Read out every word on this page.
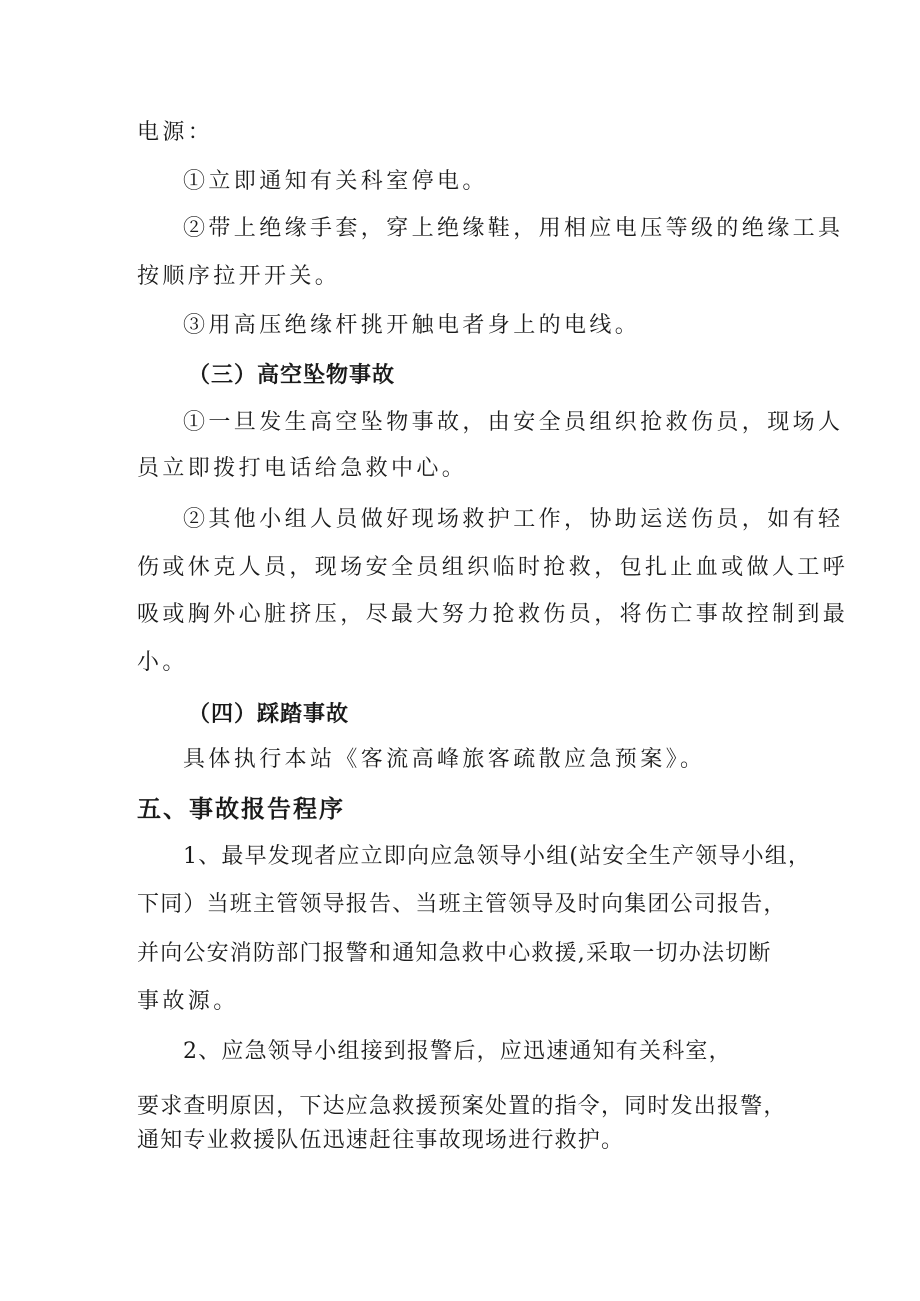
电源：
①立即通知有关科室停电。
②带上绝缘手套，穿上绝缘鞋，用相应电压等级的绝缘工具
按顺序拉开开关。
③用高压绝缘杆挑开触电者身上的电线。
（三）高空坠物事故
①一旦发生高空坠物事故，由安全员组织抢救伤员，现场人
员立即拨打电话给急救中心。
②其他小组人员做好现场救护工作，协助运送伤员，如有轻
伤或休克人员，现场安全员组织临时抢救，包扎止血或做人工呼
吸或胸外心脏挤压，尽最大努力抢救伤员，将伤亡事故控制到最
小。
（四）踩踏事故
具体执行本站《客流高峰旅客疏散应急预案》。
五、事故报告程序
1、最早发现者应立即向应急领导小组(站安全生产领导小组，
下同）当班主管领导报告、当班主管领导及时向集团公司报告，
并向公安消防部门报警和通知急救中心救援,采取一切办法切断
事故源。
2、应急领导小组接到报警后，应迅速通知有关科室，
要求查明原因，下达应急救援预案处置的指令，同时发出报警，
通知专业救援队伍迅速赶往事故现场进行救护。
